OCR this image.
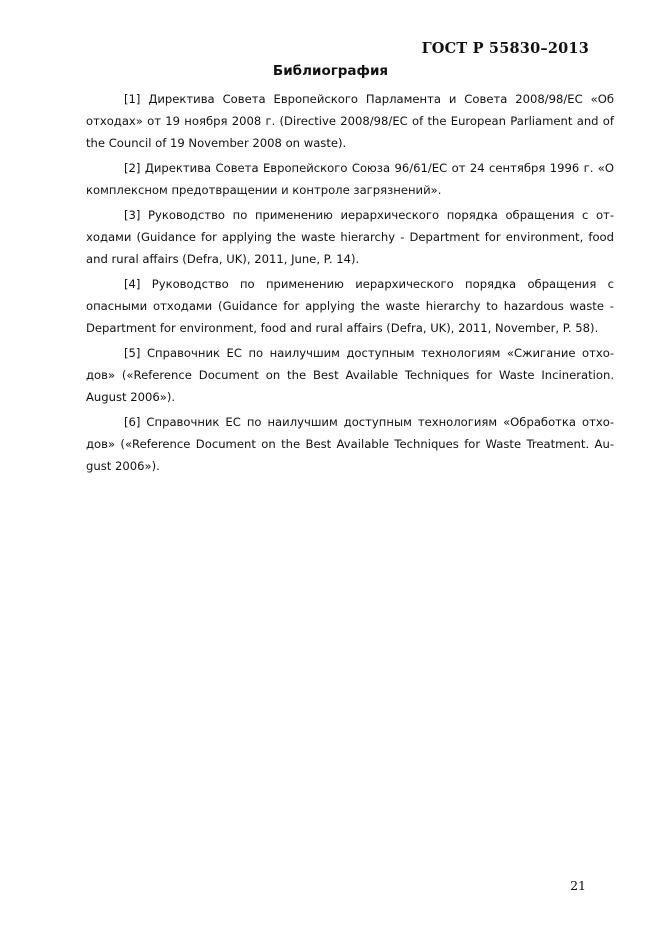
ГОСТ Р 55830–2013

Библиография
[1] Директива Совета Европейского Парламента и Совета 2008/98/ЕС «Об отходах» от 19 ноября 2008 г. (Directive 2008/98/EC of the European Parliament and of the Council of 19 November 2008 on waste).
[2] Директива Совета Европейского Союза 96/61/ЕС от 24 сентября 1996 г. «О комплексном предотвращении и контроле загрязнений».
[3] Руководство по применению иерархического порядка обращения с отходами (Guidance for applying the waste hierarchy - Department for environment, food and rural affairs (Defra, UK), 2011, June, P. 14).
[4] Руководство по применению иерархического порядка обращения с опасными отходами (Guidance for applying the waste hierarchy to hazardous waste - Department for environment, food and rural affairs (Defra, UK), 2011, November, P. 58).
[5] Справочник ЕС по наилучшим доступным технологиям «Сжигание отходов» («Reference Document on the Best Available Techniques for Waste Incineration. August 2006»).
[6] Справочник ЕС по наилучшим доступным технологиям «Обработка отходов» («Reference Document on the Best Available Techniques for Waste Treatment. August 2006»).

21
